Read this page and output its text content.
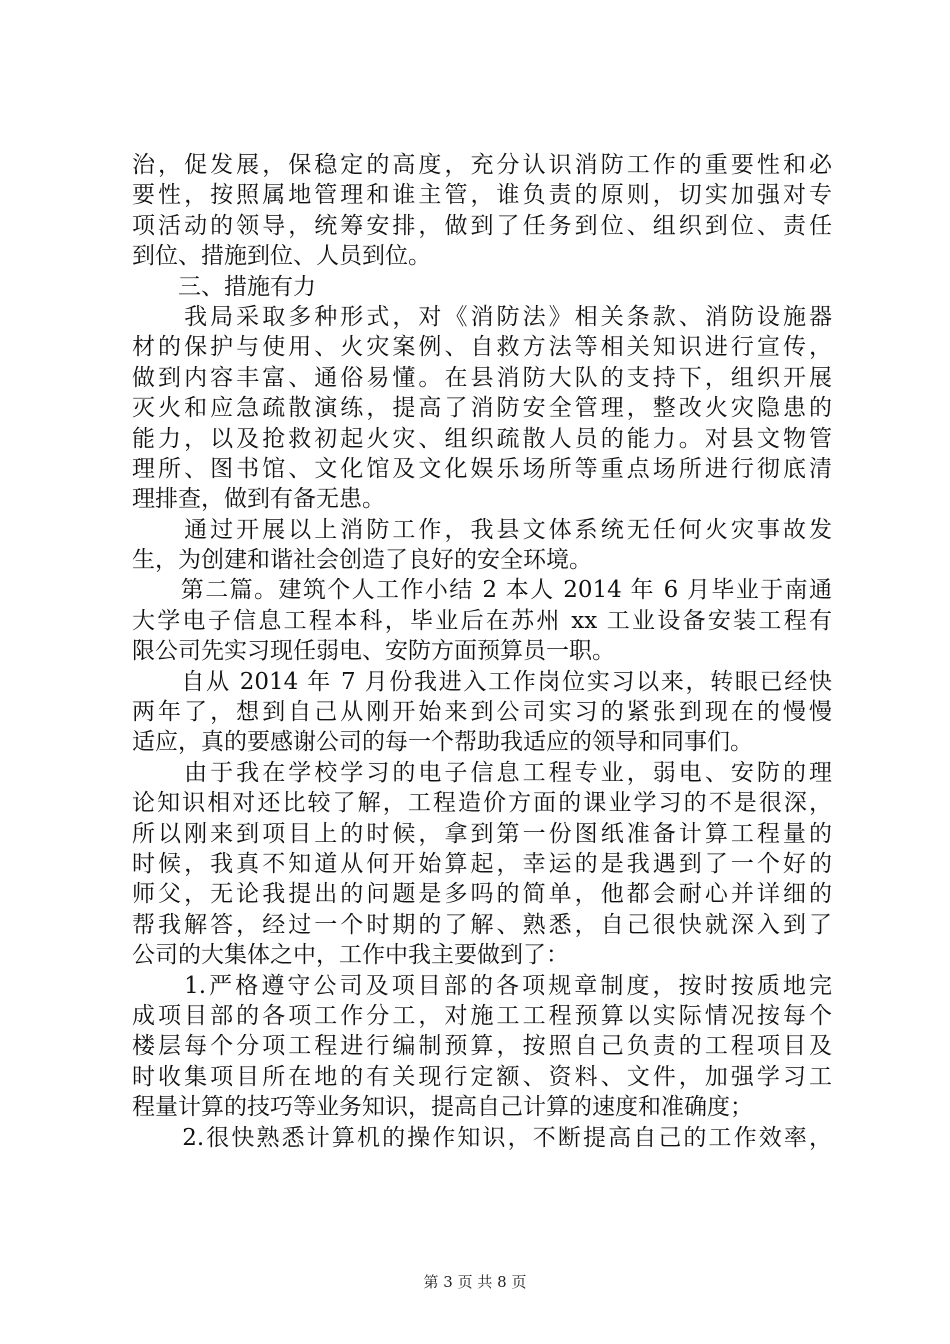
治，促发展，保稳定的高度，充分认识消防工作的重要性和必
要性，按照属地管理和谁主管，谁负责的原则，切实加强对专
项活动的领导，统筹安排，做到了任务到位、组织到位、责任
到位、措施到位、人员到位。
　　三、措施有力
　　我局采取多种形式，对《消防法》相关条款、消防设施器
材的保护与使用、火灾案例、自救方法等相关知识进行宣传，
做到内容丰富、通俗易懂。在县消防大队的支持下，组织开展
灭火和应急疏散演练，提高了消防安全管理，整改火灾隐患的
能力，以及抢救初起火灾、组织疏散人员的能力。对县文物管
理所、图书馆、文化馆及文化娱乐场所等重点场所进行彻底清
理排查，做到有备无患。
　　通过开展以上消防工作，我县文体系统无任何火灾事故发
生，为创建和谐社会创造了良好的安全环境。
　　第二篇。建筑个人工作小结 2 本人 2014 年 6 月毕业于南通
大学电子信息工程本科，毕业后在苏州 xx 工业设备安装工程有
限公司先实习现任弱电、安防方面预算员一职。
　　自从 2014 年 7 月份我进入工作岗位实习以来，转眼已经快
两年了，想到自己从刚开始来到公司实习的紧张到现在的慢慢
适应，真的要感谢公司的每一个帮助我适应的领导和同事们。
　　由于我在学校学习的电子信息工程专业，弱电、安防的理
论知识相对还比较了解，工程造价方面的课业学习的不是很深，
所以刚来到项目上的时候，拿到第一份图纸准备计算工程量的
时候，我真不知道从何开始算起，幸运的是我遇到了一个好的
师父，无论我提出的问题是多吗的简单，他都会耐心并详细的
帮我解答，经过一个时期的了解、熟悉，自己很快就深入到了
公司的大集体之中，工作中我主要做到了：
　　1.严格遵守公司及项目部的各项规章制度，按时按质地完
成项目部的各项工作分工，对施工工程预算以实际情况按每个
楼层每个分项工程进行编制预算，按照自己负责的工程项目及
时收集项目所在地的有关现行定额、资料、文件，加强学习工
程量计算的技巧等业务知识，提高自己计算的速度和准确度；
　　2.很快熟悉计算机的操作知识，不断提高自己的工作效率，
第 3 页 共 8 页
